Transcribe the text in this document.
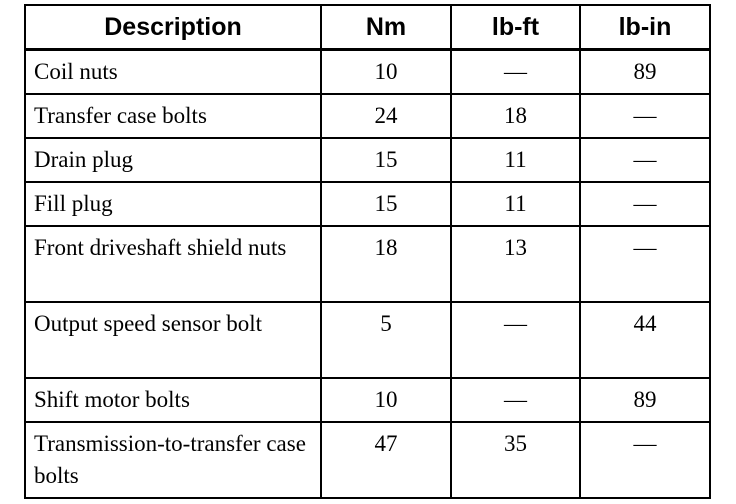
Description	Nm	lb-ft	lb-in
Coil nuts	10	—	89
Transfer case bolts	24	18	—
Drain plug	15	11	—
Fill plug	15	11	—
Front driveshaft shield nuts	18	13	—
Output speed sensor bolt	5	—	44
Shift motor bolts	10	—	89
Transmission-to-transfer case bolts	47	35	—
